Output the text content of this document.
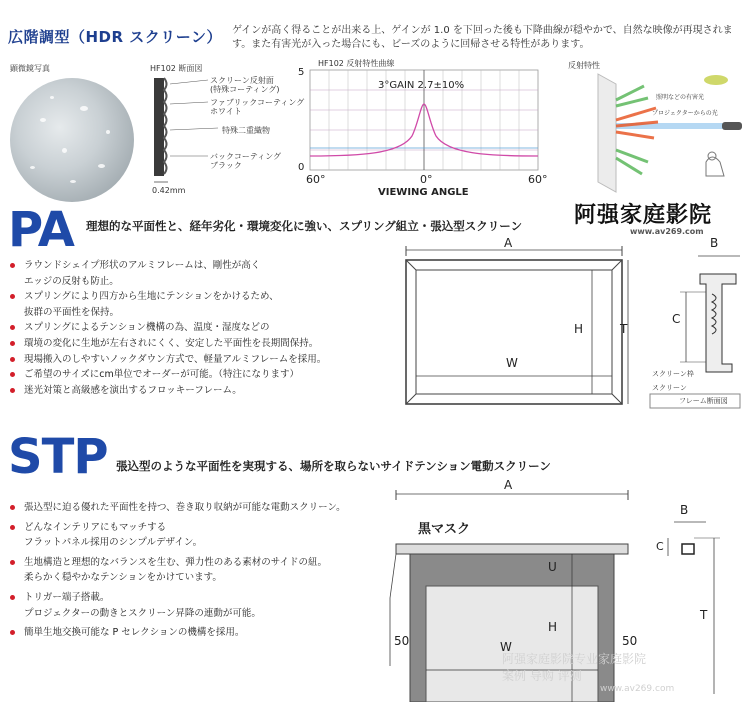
広階調型（HDR スクリーン） ゲインが高く得ることが出来る上、ゲインが 1.0 を下回った後も下降曲線が穏やかで、自然な映像が再現されます。また有害光が入った場合にも、ビーズのように回帰させる特性があります。
顕微鏡写真	HF102 断面図
スクリーン反射面
(特殊コーティング)
ファブリックコーティング
ホワイト
特殊二重織物
バックコーティング
ブラック
0.42mm
HF102 反射特性曲線
3°GAIN 2.7±10%
5
0
60°	0°	60°
VIEWING ANGLE
反射特性
照明などの有害光
プロジェクターからの光
阿强家庭影院
www.av269.com
PA 理想的な平面性と、経年劣化・環境変化に強い、スプリング組立・張込型スクリーン
ラウンドシェイプ形状のアルミフレームは、剛性が高く
エッジの反射も防止。
スプリングにより四方から生地にテンションをかけるため、
抜群の平面性を保持。
スプリングによるテンション機構の為、温度・湿度などの
環境の変化に生地が左右されにくく、安定した平面性を長期間保持。
現場搬入のしやすいノックダウン方式で、軽量アルミフレームを採用。
ご希望のサイズにcm単位でオーダーが可能。（特注になります）
迷光対策と高級感を演出するフロッキーフレーム。
A
H	T
W
B
C
スクリーン枠
スクリーン
フレーム断面図
STP 張込型のような平面性を実現する、場所を取らないサイドテンション電動スクリーン
張込型に迫る優れた平面性を持つ、巻き取り収納が可能な電動スクリーン。
どんなインテリアにもマッチする
フラットパネル採用のシンプルデザイン。
生地構造と理想的なバランスを生む、弾力性のある素材のサイドの紐。
柔らかく穏やかなテンションをかけています。
トリガー端子搭載。
プロジェクターの動きとスクリーン昇降の連動が可能。
簡単生地交換可能な P セレクションの機構を採用。
A
黒マスク
U
H
W
50	50
B
C
T
阿强家庭影院专业家庭影院
案例 导购 评测
www.av269.com
